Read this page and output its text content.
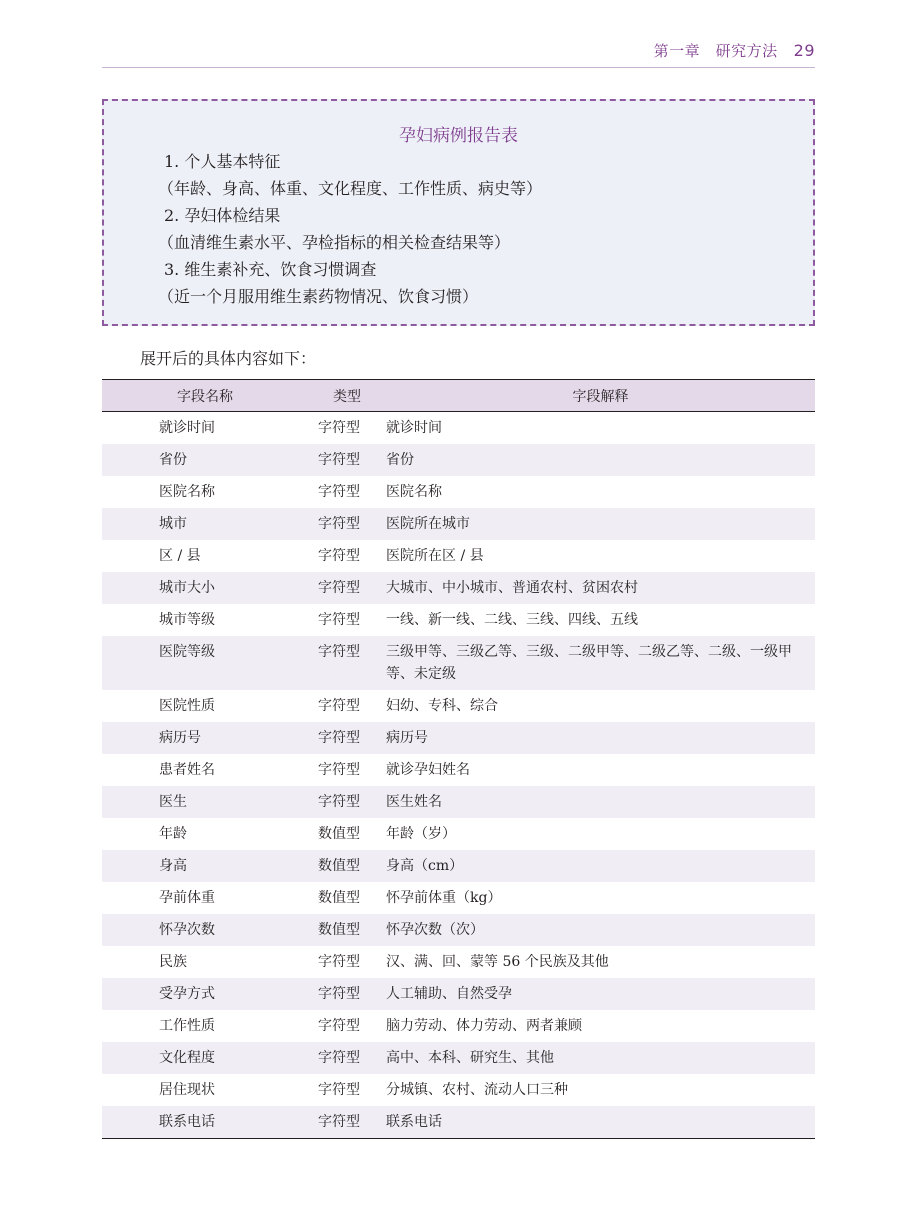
第一章　研究方法 29
孕妇病例报告表
1. 个人基本特征
（年龄、身高、体重、文化程度、工作性质、病史等）
2. 孕妇体检结果
（血清维生素水平、孕检指标的相关检查结果等）
3. 维生素补充、饮食习惯调查
（近一个月服用维生素药物情况、饮食习惯）
展开后的具体内容如下：
字段名称	类型	字段解释
就诊时间	字符型	就诊时间
省份	字符型	省份
医院名称	字符型	医院名称
城市	字符型	医院所在城市
区 / 县	字符型	医院所在区 / 县
城市大小	字符型	大城市、中小城市、普通农村、贫困农村
城市等级	字符型	一线、新一线、二线、三线、四线、五线
医院等级	字符型	三级甲等、三级乙等、三级、二级甲等、二级乙等、二级、一级甲等、未定级
医院性质	字符型	妇幼、专科、综合
病历号	字符型	病历号
患者姓名	字符型	就诊孕妇姓名
医生	字符型	医生姓名
年龄	数值型	年龄（岁）
身高	数值型	身高（cm）
孕前体重	数值型	怀孕前体重（kg）
怀孕次数	数值型	怀孕次数（次）
民族	字符型	汉、满、回、蒙等 56 个民族及其他
受孕方式	字符型	人工辅助、自然受孕
工作性质	字符型	脑力劳动、体力劳动、两者兼顾
文化程度	字符型	高中、本科、研究生、其他
居住现状	字符型	分城镇、农村、流动人口三种
联系电话	字符型	联系电话
